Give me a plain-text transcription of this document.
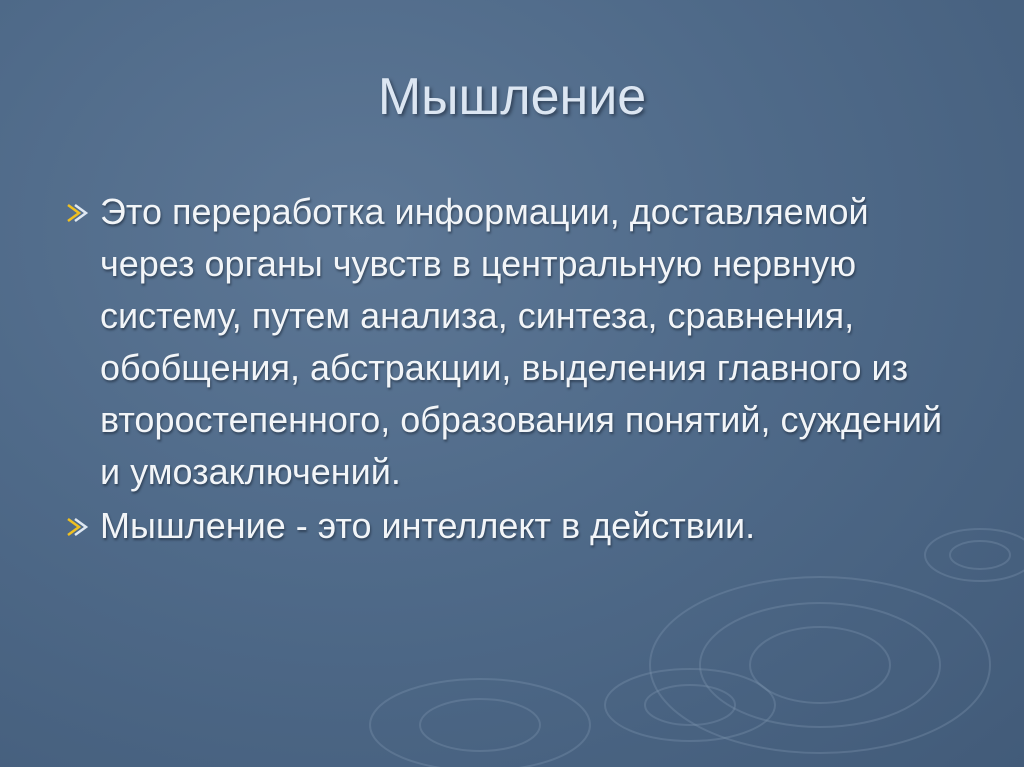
Мышление
Это переработка информации, доставляемой через органы чувств в центральную нервную систему, путем анализа, синтеза, сравнения, обобщения, абстракции, выделения главного из второстепенного, образования понятий, суждений и умозаключений.
Мышление - это интеллект в действии.
